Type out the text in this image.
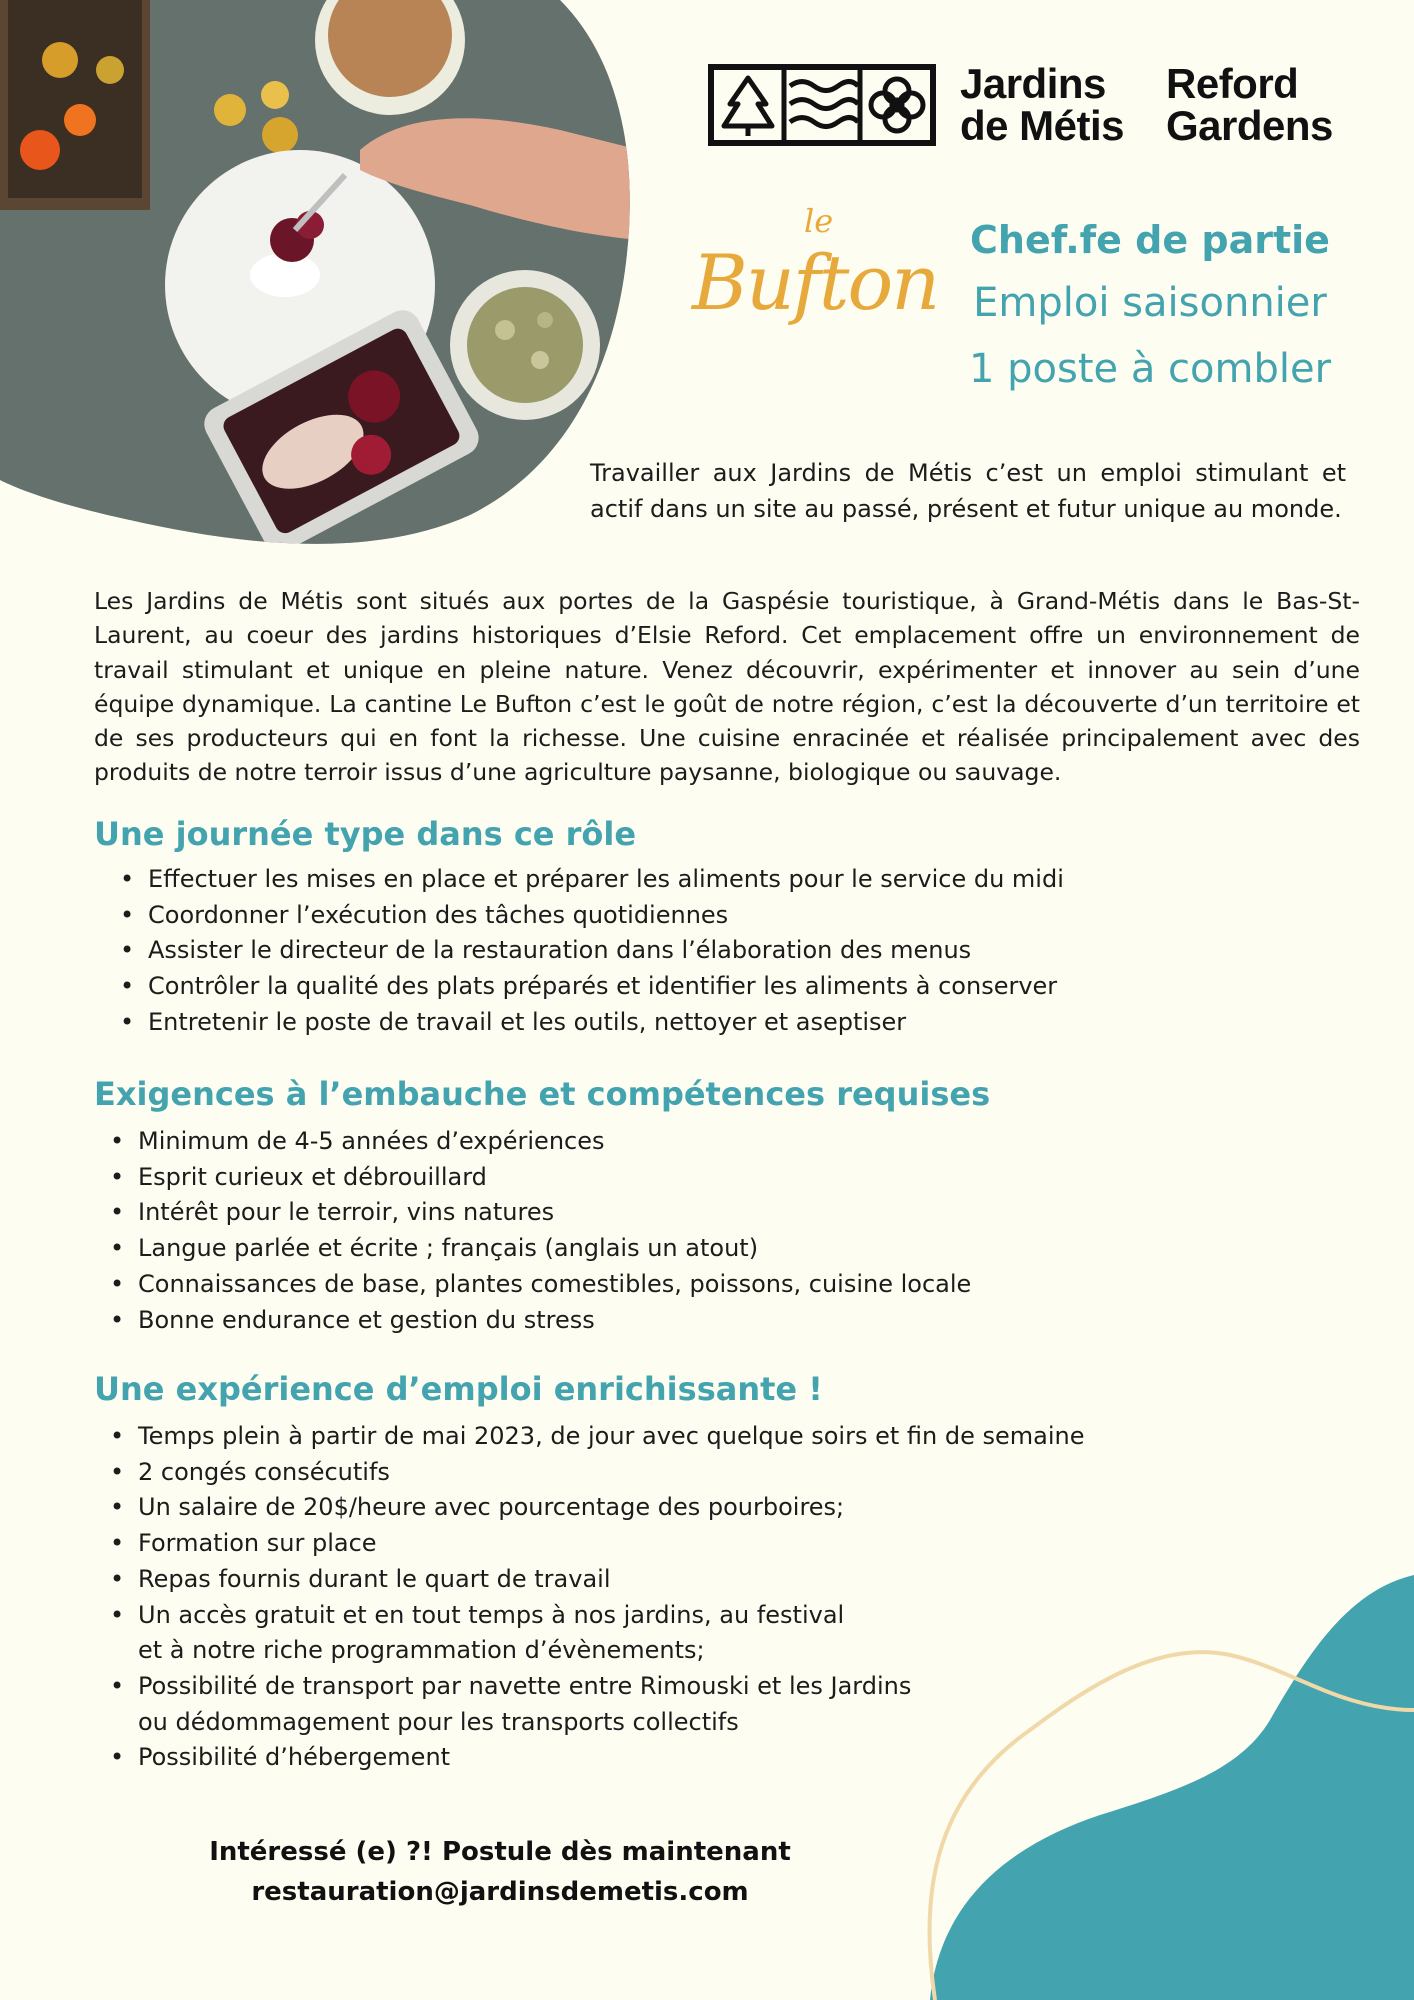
Jardins
de Métis
Reford
Gardens
le
Bufton Chef.fe de partie
Emploi saisonnier
1 poste à combler
Travailler aux Jardins de Métis c’est un emploi stimulant et actif dans un site au passé, présent et futur unique au monde.
Les Jardins de Métis sont situés aux portes de la Gaspésie touristique, à Grand-Métis dans le Bas-St-Laurent, au coeur des jardins historiques d’Elsie Reford. Cet emplacement offre un environnement de travail stimulant et unique en pleine nature. Venez découvrir, expérimenter et innover au sein d’une équipe dynamique. La cantine Le Bufton c’est le goût de notre région, c’est la découverte d’un territoire et de ses producteurs qui en font la richesse. Une cuisine enracinée et réalisée principalement avec des produits de notre terroir issus d’une agriculture paysanne, biologique ou sauvage.
Une journée type dans ce rôle
• Effectuer les mises en place et préparer les aliments pour le service du midi
• Coordonner l’exécution des tâches quotidiennes
• Assister le directeur de la restauration dans l’élaboration des menus
• Contrôler la qualité des plats préparés et identifier les aliments à conserver
• Entretenir le poste de travail et les outils, nettoyer et aseptiser
Exigences à l’embauche et compétences requises
• Minimum de 4-5 années d’expériences
• Esprit curieux et débrouillard
• Intérêt pour le terroir, vins natures
• Langue parlée et écrite ; français (anglais un atout)
• Connaissances de base, plantes comestibles, poissons, cuisine locale
• Bonne endurance et gestion du stress
Une expérience d’emploi enrichissante !
• Temps plein à partir de mai 2023, de jour avec quelque soirs et fin de semaine
• 2 congés consécutifs
• Un salaire de 20$/heure avec pourcentage des pourboires;
• Formation sur place
• Repas fournis durant le quart de travail
• Un accès gratuit et en tout temps à nos jardins, au festival
et à notre riche programmation d’évènements;
• Possibilité de transport par navette entre Rimouski et les Jardins
ou dédommagement pour les transports collectifs
• Possibilité d’hébergement
Intéressé (e) ?! Postule dès maintenant
restauration@jardinsdemetis.com
